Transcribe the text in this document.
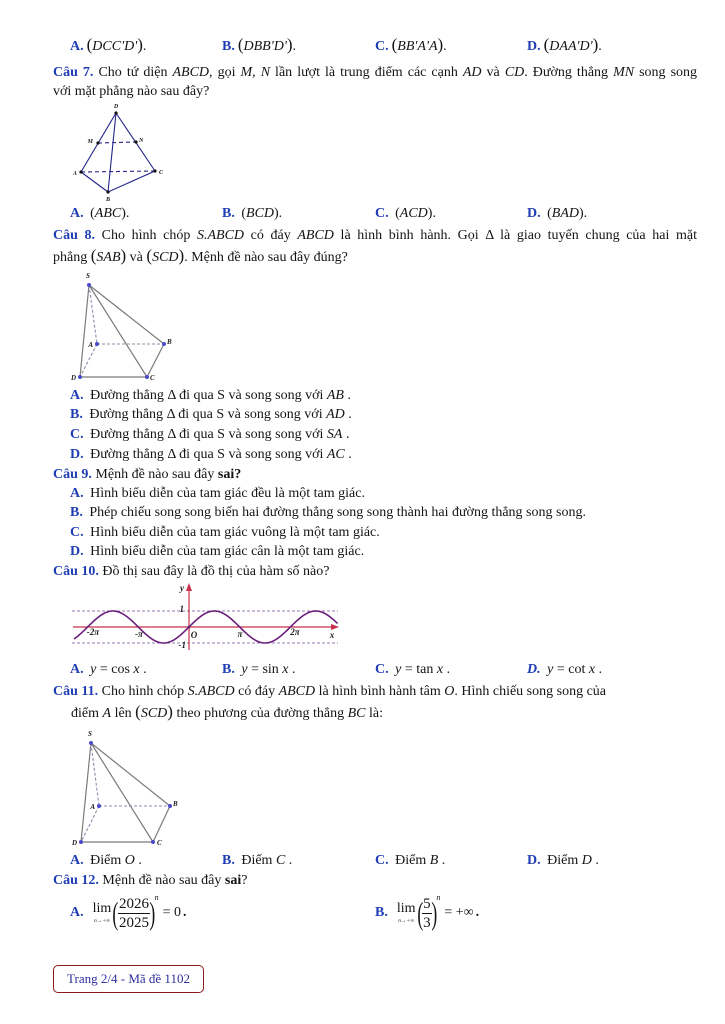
A. (DCC'D').	B. (DBB'D').	C. (BB'A'A).	D. (DAA'D').
Câu 7. Cho tứ diện ABCD, gọi M, N lần lượt là trung điểm các cạnh AD và CD. Đường thẳng MN song song
với mặt phẳng nào sau đây?
D
M	N
A	C
B
A. (ABC).	B. (BCD).	C. (ACD).	D. (BAD).
Câu 8. Cho hình chóp S.ABCD có đáy ABCD là hình bình hành. Gọi Δ là giao tuyến chung của hai mặt
phẳng (SAB) và (SCD). Mệnh đề nào sau đây đúng?
S
A	B
D	C
A. Đường thẳng Δ đi qua S và song song với AB .
B. Đường thẳng Δ đi qua S và song song với AD .
C. Đường thẳng Δ đi qua S và song song với SA .
D. Đường thẳng Δ đi qua S và song song với AC .
Câu 9. Mệnh đề nào sau đây sai?
A. Hình biểu diễn của tam giác đều là một tam giác.
B. Phép chiếu song song biến hai đường thẳng song song thành hai đường thẳng song song.
C. Hình biểu diễn của tam giác vuông là một tam giác.
D. Hình biểu diễn của tam giác cân là một tam giác.
Câu 10. Đồ thị sau đây là đồ thị của hàm số nào?
y
x
1
-1
O	π
-π	2π
-2π
A. y = cos x .	B. y = sin x .	C. y = tan x .	D. y = cot x .
Câu 11. Cho hình chóp S.ABCD có đáy ABCD là hình bình hành tâm O. Hình chiếu song song của
điểm A lên (SCD) theo phương của đường thẳng BC là:
S
A	B
D	C
A. Điểm O .	B. Điểm C .	C. Điểm B .	D. Điểm D .
Câu 12. Mệnh đề nào sau đây sai?
A. lim
n→+∞ ( $\frac{2026}{2025}$ ) n
= 0 .	B. lim
n→+∞ ( $\frac{5}{3}$ ) n
= +∞ .
Trang 2/4 - Mã đề 1102
